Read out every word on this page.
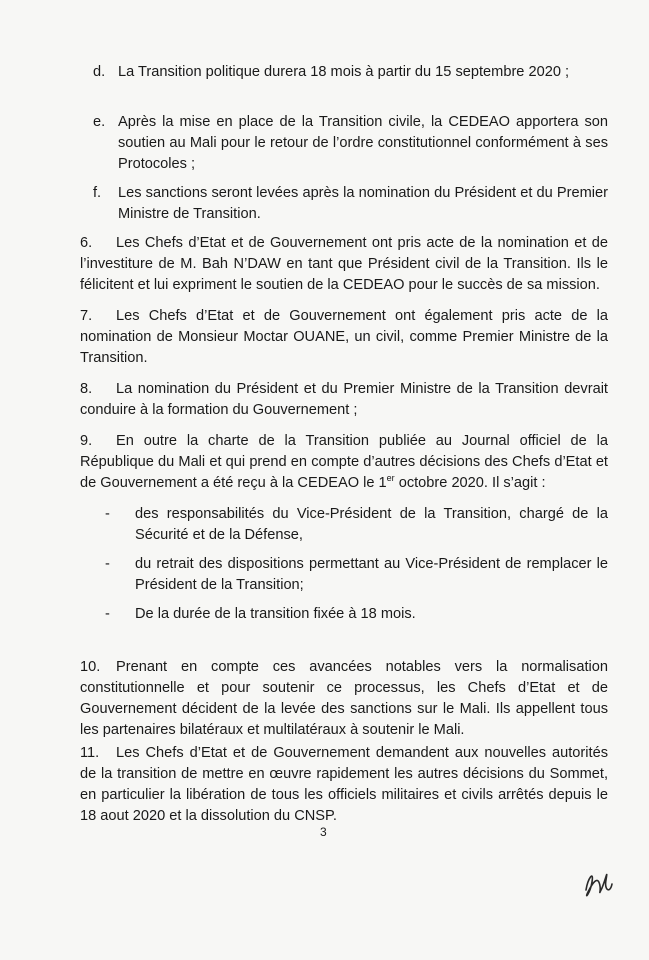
d. La Transition politique durera 18 mois à partir du 15 septembre 2020 ;

e. Après la mise en place de la Transition civile, la CEDEAO apportera son soutien au Mali pour le retour de l’ordre constitutionnel conformément à ses Protocoles ;

f. Les sanctions seront levées après la nomination du Président et du Premier Ministre de Transition.

6. Les Chefs d’Etat et de Gouvernement ont pris acte de la nomination et de l’investiture de M. Bah N’DAW en tant que Président civil de la Transition. Ils le félicitent et lui expriment le soutien de la CEDEAO pour le succès de sa mission.

7. Les Chefs d’Etat et de Gouvernement ont également pris acte de la nomination de Monsieur Moctar OUANE, un civil, comme Premier Ministre de la Transition.

8. La nomination du Président et du Premier Ministre de la Transition devrait conduire à la formation du Gouvernement ;

9. En outre la charte de la Transition publiée au Journal officiel de la République du Mali et qui prend en compte d’autres décisions des Chefs d’Etat et de Gouvernement a été reçu à la CEDEAO le 1er octobre 2020. Il s’agit :

- des responsabilités du Vice-Président de la Transition, chargé de la Sécurité et de la Défense,

- du retrait des dispositions permettant au Vice-Président de remplacer le Président de la Transition;

- De la durée de la transition fixée à 18 mois.

10. Prenant en compte ces avancées notables vers la normalisation constitutionnelle et pour soutenir ce processus, les Chefs d’Etat et de Gouvernement décident de la levée des sanctions sur le Mali. Ils appellent tous les partenaires bilatéraux et multilatéraux à soutenir le Mali.

11. Les Chefs d’Etat et de Gouvernement demandent aux nouvelles autorités de la transition de mettre en œuvre rapidement les autres décisions du Sommet, en particulier la libération de tous les officiels militaires et civils arrêtés depuis le 18 aout 2020 et la dissolution du CNSP.

3
